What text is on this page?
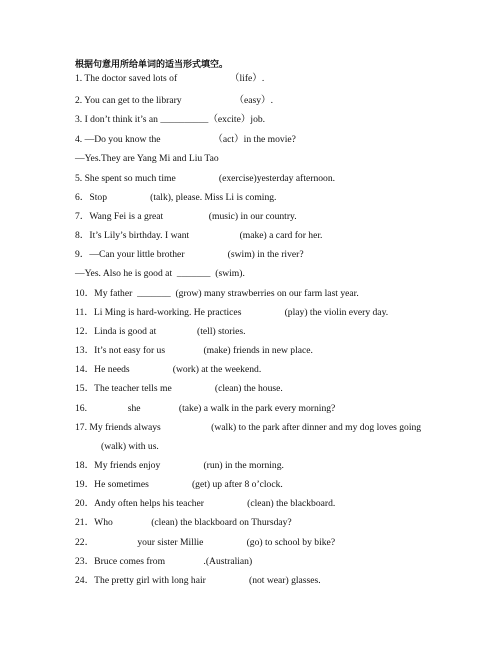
根据句意用所给单词的适当形式填空。
1. The doctor saved lots of                      （life）.
2. You can get to the library                      （easy）.
3. I don’t think it’s an __________（excite）job.
4. —Do you know the                      （act）in the movie?
—Yes.They are Yang Mi and Liu Tao
5. She spent so much time                  (exercise)yesterday afternoon.
6．Stop                  (talk), please. Miss Li is coming.
7．Wang Fei is a great                   (music) in our country.
8．It’s Lily’s birthday. I want                     (make) a card for her.
9．—Can your little brother                  (swim) in the river?
—Yes. Also he is good at  _______  (swim).
10．My father  _______  (grow) many strawberries on our farm last year.
11．Li Ming is hard-working. He practices                  (play) the violin every day.
12．Linda is good at                 (tell) stories.
13．It’s not easy for us                (make) friends in new place.
14．He needs                  (work) at the weekend.
15．The teacher tells me                  (clean) the house.
16.                 she                (take) a walk in the park every morning?
17. My friends always                     (walk) to the park after dinner and my dog loves going
(walk) with us.
18．My friends enjoy                  (run) in the morning.
19．He sometimes                  (get) up after 8 o’clock.
20．Andy often helps his teacher                  (clean) the blackboard.
21．Who                (clean) the blackboard on Thursday?
22．                  your sister Millie                  (go) to school by bike?
23．Bruce comes from                .(Australian)
24．The pretty girl with long hair                  (not wear) glasses.
